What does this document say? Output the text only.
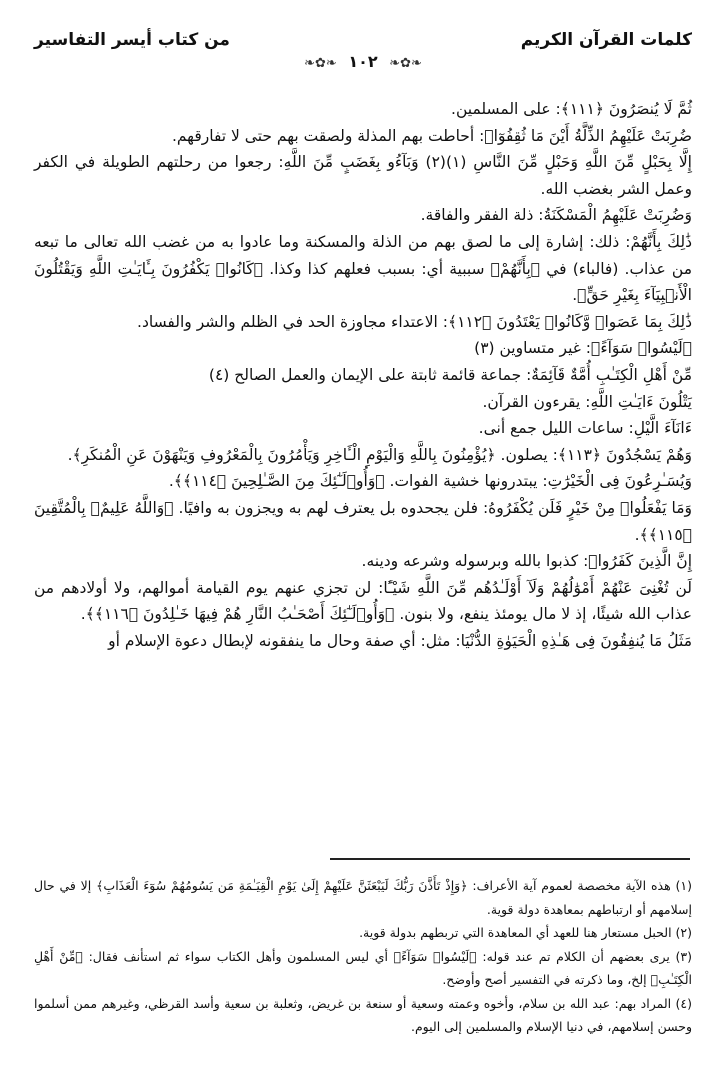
كلمات القرآن الكريم
من كتاب أيسر التفاسير
❧✿❧ ١٠٢ ❧✿❧

ثُمَّ لَا يُنصَرُونَ ﴿١١١﴾: على المسلمين.

ضُرِبَتْ عَلَيْهِمُ الذِّلَّةُ أَيْنَ مَا ثُقِفُوٓا۟: أحاطت بهم المذلة ولصقت بهم حتى لا تفارقهم.

إِلَّا بِحَبْلٍ مِّنَ اللَّهِ وَحَبْلٍ مِّنَ النَّاسِ (١)(٢) وَبَآءُو بِغَضَبٍ مِّنَ اللَّهِ: رجعوا من رحلتهم الطويلة في الكفر وعمل الشر بغضب الله.

وَضُرِبَتْ عَلَيْهِمُ الْمَسْكَنَةُ: ذلة الفقر والفاقة.

ذَٰلِكَ بِأَنَّهُمْ: ذلك: إشارة إلى ما لصق بهم من الذلة والمسكنة وما عادوا به من غضب الله تعالى ما تبعه من عذاب. (فالباء) في ﴿بِأَنَّهُمْ﴾ سببية أي: بسبب فعلهم كذا وكذا. ﴿كَانُوا۟ يَكْفُرُونَ بِـَٔايَـٰتِ اللَّهِ وَيَقْتُلُونَ الْأَنۢبِيَآءَ بِغَيْرِ حَقٍّ﴾.

ذَٰلِكَ بِمَا عَصَوا۟ وَّكَانُوا۟ يَعْتَدُونَ ﴿١١٢﴾: الاعتداء مجاوزة الحد في الظلم والشر والفساد.

﴿لَيْسُوا۟ سَوَآءً﴾: غير متساوين (٣)

مِّنْ أَهْلِ الْكِتَـٰبِ أُمَّةٌ قَآئِمَةٌ: جماعة قائمة ثابتة على الإيمان والعمل الصالح (٤)

يَتْلُونَ ءَايَـٰتِ اللَّهِ: يقرءون القرآن.

ءَانَآءَ الَّيْلِ: ساعات الليل جمع أنى.

وَهُمْ يَسْجُدُونَ ﴿١١٣﴾: يصلون. ﴿يُؤْمِنُونَ بِاللَّهِ وَالْيَوْمِ الْـَٔاخِرِ وَيَأْمُرُونَ بِالْمَعْرُوفِ وَيَنْهَوْنَ عَنِ الْمُنكَرِ﴾.

وَيُسَـٰرِعُونَ فِى الْخَيْرَٰتِ: يبتدرونها خشية الفوات. ﴿وَأُو۟لَـٰٓئِكَ مِنَ الصَّـٰلِحِينَ ﴿١١٤﴾﴾.

وَمَا يَفْعَلُوا۟ مِنْ خَيْرٍ فَلَن يُكْفَرُوهُ: فلن يجحدوه بل يعترف لهم به ويجزون به وافيًا. ﴿وَاللَّهُ عَلِيمٌۢ بِالْمُتَّقِينَ ﴿١١٥﴾﴾.

إِنَّ الَّذِينَ كَفَرُوا۟: كذبوا بالله وبرسوله وشرعه ودينه.

لَن تُغْنِىَ عَنْهُمْ أَمْوَٰلُهُمْ وَلَآ أَوْلَـٰدُهُم مِّنَ اللَّهِ شَيْـًٔا: لن تجزي عنهم يوم القيامة أموالهم، ولا أولادهم من عذاب الله شيئًا، إذ لا مال يومئذ ينفع، ولا بنون. ﴿وَأُو۟لَـٰٓئِكَ أَصْحَـٰبُ النَّارِ هُمْ فِيهَا خَـٰلِدُونَ ﴿١١٦﴾﴾.

مَثَلُ مَا يُنفِقُونَ فِى هَـٰذِهِ الْحَيَوٰةِ الدُّنْيَا: مثل: أي صفة وحال ما ينفقونه لإبطال دعوة الإسلام أو

(١) هذه الآية مخصصة لعموم آية الأعراف: ﴿وَإِذْ تَأَذَّنَ رَبُّكَ لَيَبْعَثَنَّ عَلَيْهِمْ إِلَىٰ يَوْمِ الْقِيَـٰمَةِ مَن يَسُومُهُمْ سُوٓءَ الْعَذَابِ﴾ إلا في حال إسلامهم أو ارتباطهم بمعاهدة دولة قوية.

(٢) الحبل مستعار هنا للعهد أي المعاهدة التي تربطهم بدولة قوية.

(٣) يرى بعضهم أن الكلام تم عند قوله: ﴿لَيْسُوا۟ سَوَآءً﴾ أي ليس المسلمون وأهل الكتاب سواء ثم استأنف فقال: ﴿مِّنْ أَهْلِ الْكِتَـٰبِ﴾ إلخ، وما ذكرته في التفسير أصح وأوضح.

(٤) المراد بهم: عبد الله بن سلام، وأخوه وعمته وسعية أو سنعة بن غريض، وثعلبة بن سعية وأسد القرظي، وغيرهم ممن أسلموا وحسن إسلامهم، في دنيا الإسلام والمسلمين إلى اليوم.
